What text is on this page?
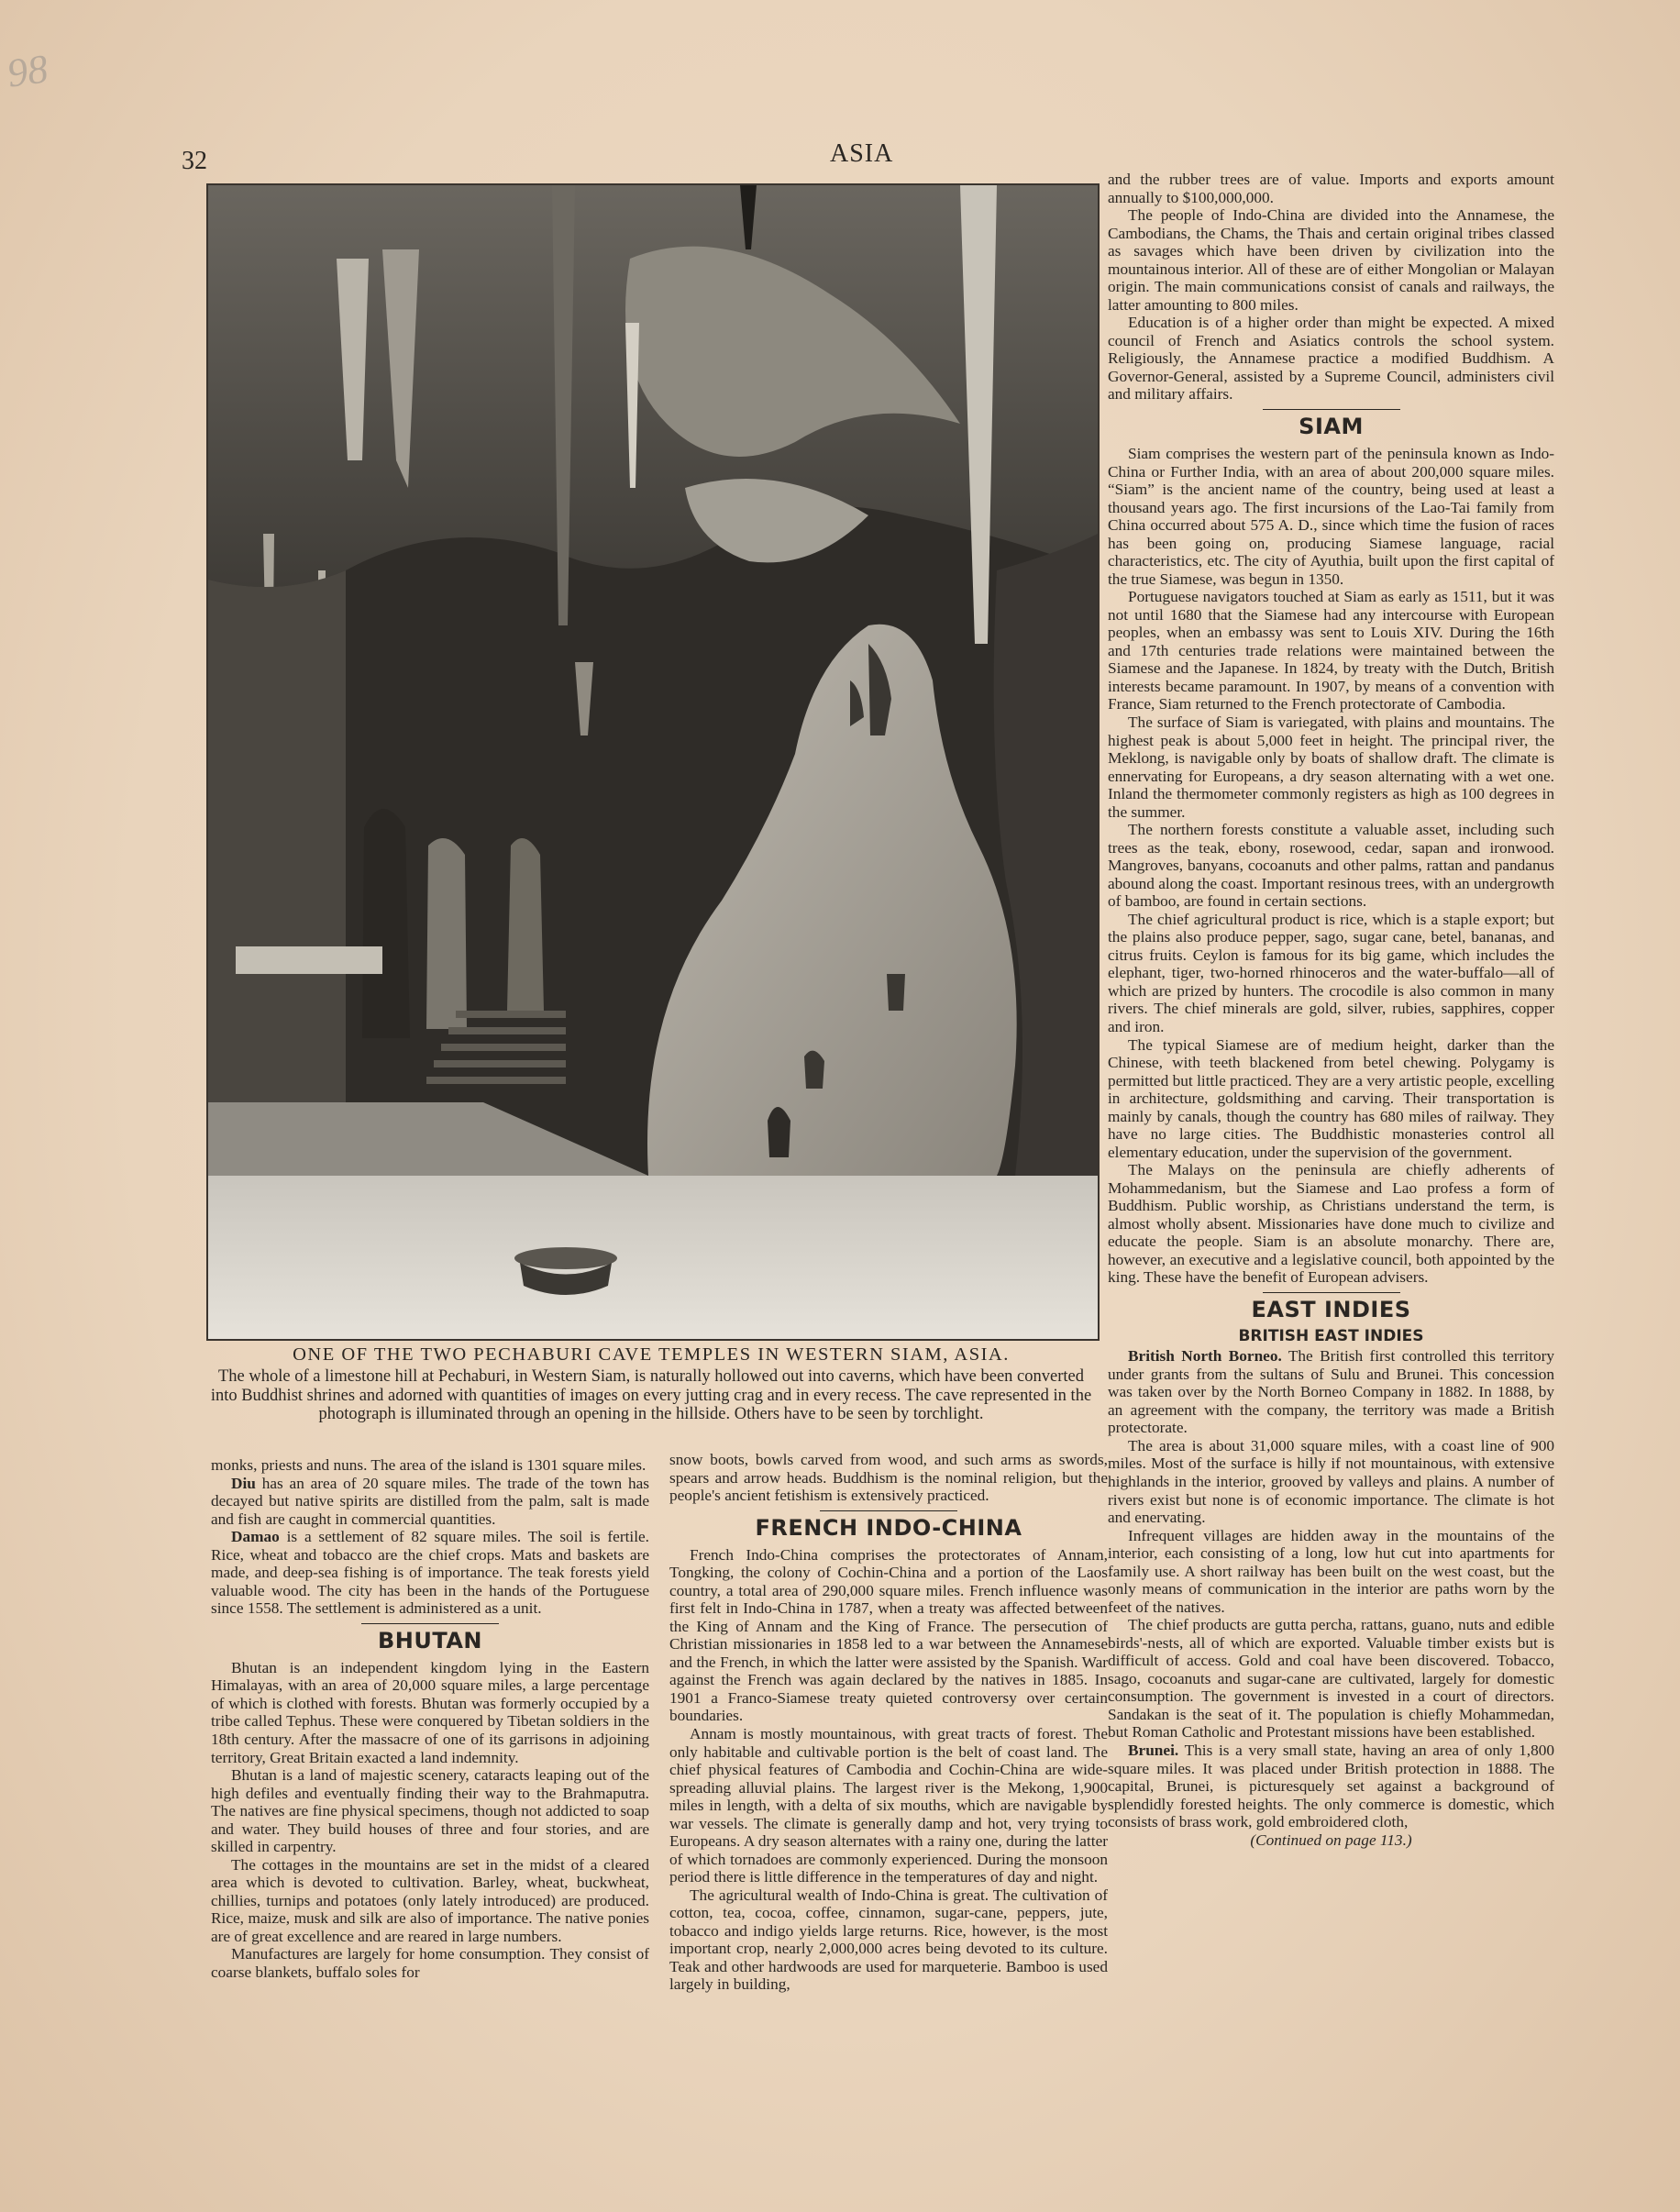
98
32	ASIA

ONE OF THE TWO PECHABURI CAVE TEMPLES IN WESTERN SIAM, ASIA.

The whole of a limestone hill at Pechaburi, in Western Siam, is naturally hollowed out into caverns, which have been converted into Buddhist shrines and adorned with quantities of images on every jutting crag and in every recess. The cave represented in the photograph is illuminated through an opening in the hillside. Others have to be seen by torchlight.

monks, priests and nuns. The area of the island is 1301 square miles.

Diu has an area of 20 square miles. The trade of the town has decayed but native spirits are distilled from the palm, salt is made and fish are caught in commercial quantities.

Damao is a settlement of 82 square miles. The soil is fertile. Rice, wheat and tobacco are the chief crops. Mats and baskets are made, and deep-sea fishing is of importance. The teak forests yield valuable wood. The city has been in the hands of the Portuguese since 1558. The settlement is administered as a unit.

BHUTAN

Bhutan is an independent kingdom lying in the Eastern Himalayas, with an area of 20,000 square miles, a large percentage of which is clothed with forests. Bhutan was formerly occupied by a tribe called Tephus. These were conquered by Tibetan soldiers in the 18th century. After the massacre of one of its garrisons in adjoining territory, Great Britain exacted a land indemnity.

Bhutan is a land of majestic scenery, cataracts leaping out of the high defiles and eventually finding their way to the Brahmaputra. The natives are fine physical specimens, though not addicted to soap and water. They build houses of three and four stories, and are skilled in carpentry.

The cottages in the mountains are set in the midst of a cleared area which is devoted to cultivation. Barley, wheat, buckwheat, chillies, turnips and potatoes (only lately introduced) are produced. Rice, maize, musk and silk are also of importance. The native ponies are of great excellence and are reared in large numbers.

Manufactures are largely for home consumption. They consist of coarse blankets, buffalo soles for

snow boots, bowls carved from wood, and such arms as swords, spears and arrow heads. Buddhism is the nominal religion, but the people's ancient fetishism is extensively practiced.

FRENCH INDO-CHINA

French Indo-China comprises the protectorates of Annam, Tongking, the colony of Cochin-China and a portion of the Laos country, a total area of 290,000 square miles. French influence was first felt in Indo-China in 1787, when a treaty was affected between the King of Annam and the King of France. The persecution of Christian missionaries in 1858 led to a war between the Annamese and the French, in which the latter were assisted by the Spanish. War against the French was again declared by the natives in 1885. In 1901 a Franco-Siamese treaty quieted controversy over certain boundaries.

Annam is mostly mountainous, with great tracts of forest. The only habitable and cultivable portion is the belt of coast land. The chief physical features of Cambodia and Cochin-China are wide-spreading alluvial plains. The largest river is the Mekong, 1,900 miles in length, with a delta of six mouths, which are navigable by war vessels. The climate is generally damp and hot, very trying to Europeans. A dry season alternates with a rainy one, during the latter of which tornadoes are commonly experienced. During the monsoon period there is little difference in the temperatures of day and night.

The agricultural wealth of Indo-China is great. The cultivation of cotton, tea, cocoa, coffee, cinnamon, sugar-cane, peppers, jute, tobacco and indigo yields large returns. Rice, however, is the most important crop, nearly 2,000,000 acres being devoted to its culture. Teak and other hardwoods are used for marqueterie. Bamboo is used largely in building,

and the rubber trees are of value. Imports and exports amount annually to $100,000,000.

The people of Indo-China are divided into the Annamese, the Cambodians, the Chams, the Thais and certain original tribes classed as savages which have been driven by civilization into the mountainous interior. All of these are of either Mongolian or Malayan origin. The main communications consist of canals and railways, the latter amounting to 800 miles.

Education is of a higher order than might be expected. A mixed council of French and Asiatics controls the school system. Religiously, the Annamese practice a modified Buddhism. A Governor-General, assisted by a Supreme Council, administers civil and military affairs.

SIAM

Siam comprises the western part of the peninsula known as Indo-China or Further India, with an area of about 200,000 square miles. “Siam” is the ancient name of the country, being used at least a thousand years ago. The first incursions of the Lao-Tai family from China occurred about 575 A. D., since which time the fusion of races has been going on, producing Siamese language, racial characteristics, etc. The city of Ayuthia, built upon the first capital of the true Siamese, was begun in 1350.

Portuguese navigators touched at Siam as early as 1511, but it was not until 1680 that the Siamese had any intercourse with European peoples, when an embassy was sent to Louis XIV. During the 16th and 17th centuries trade relations were maintained between the Siamese and the Japanese. In 1824, by treaty with the Dutch, British interests became paramount. In 1907, by means of a convention with France, Siam returned to the French protectorate of Cambodia.

The surface of Siam is variegated, with plains and mountains. The highest peak is about 5,000 feet in height. The principal river, the Meklong, is navigable only by boats of shallow draft. The climate is ennervating for Europeans, a dry season alternating with a wet one. Inland the thermometer commonly registers as high as 100 degrees in the summer.

The northern forests constitute a valuable asset, including such trees as the teak, ebony, rosewood, cedar, sapan and ironwood. Mangroves, banyans, cocoanuts and other palms, rattan and pandanus abound along the coast. Important resinous trees, with an undergrowth of bamboo, are found in certain sections.

The chief agricultural product is rice, which is a staple export; but the plains also produce pepper, sago, sugar cane, betel, bananas, and citrus fruits. Ceylon is famous for its big game, which includes the elephant, tiger, two-horned rhinoceros and the water-buffalo—all of which are prized by hunters. The crocodile is also common in many rivers. The chief minerals are gold, silver, rubies, sapphires, copper and iron.

The typical Siamese are of medium height, darker than the Chinese, with teeth blackened from betel chewing. Polygamy is permitted but little practiced. They are a very artistic people, excelling in architecture, goldsmithing and carving. Their transportation is mainly by canals, though the country has 680 miles of railway. They have no large cities. The Buddhistic monasteries control all elementary education, under the supervision of the government.

The Malays on the peninsula are chiefly adherents of Mohammedanism, but the Siamese and Lao profess a form of Buddhism. Public worship, as Christians understand the term, is almost wholly absent. Missionaries have done much to civilize and educate the people. Siam is an absolute monarchy. There are, however, an executive and a legislative council, both appointed by the king. These have the benefit of European advisers.

EAST INDIES
BRITISH EAST INDIES

British North Borneo. The British first controlled this territory under grants from the sultans of Sulu and Brunei. This concession was taken over by the North Borneo Company in 1882. In 1888, by an agreement with the company, the territory was made a British protectorate.

The area is about 31,000 square miles, with a coast line of 900 miles. Most of the surface is hilly if not mountainous, with extensive highlands in the interior, grooved by valleys and plains. A number of rivers exist but none is of economic importance. The climate is hot and enervating.

Infrequent villages are hidden away in the mountains of the interior, each consisting of a long, low hut cut into apartments for family use. A short railway has been built on the west coast, but the only means of communication in the interior are paths worn by the feet of the natives.

The chief products are gutta percha, rattans, guano, nuts and edible birds'-nests, all of which are exported. Valuable timber exists but is difficult of access. Gold and coal have been discovered. Tobacco, sago, cocoanuts and sugar-cane are cultivated, largely for domestic consumption. The government is invested in a court of directors. Sandakan is the seat of it. The population is chiefly Mohammedan, but Roman Catholic and Protestant missions have been established.

Brunei. This is a very small state, having an area of only 1,800 square miles. It was placed under British protection in 1888. The capital, Brunei, is picturesquely set against a background of splendidly forested heights. The only commerce is domestic, which consists of brass work, gold embroidered cloth,

(Continued on page 113.)
